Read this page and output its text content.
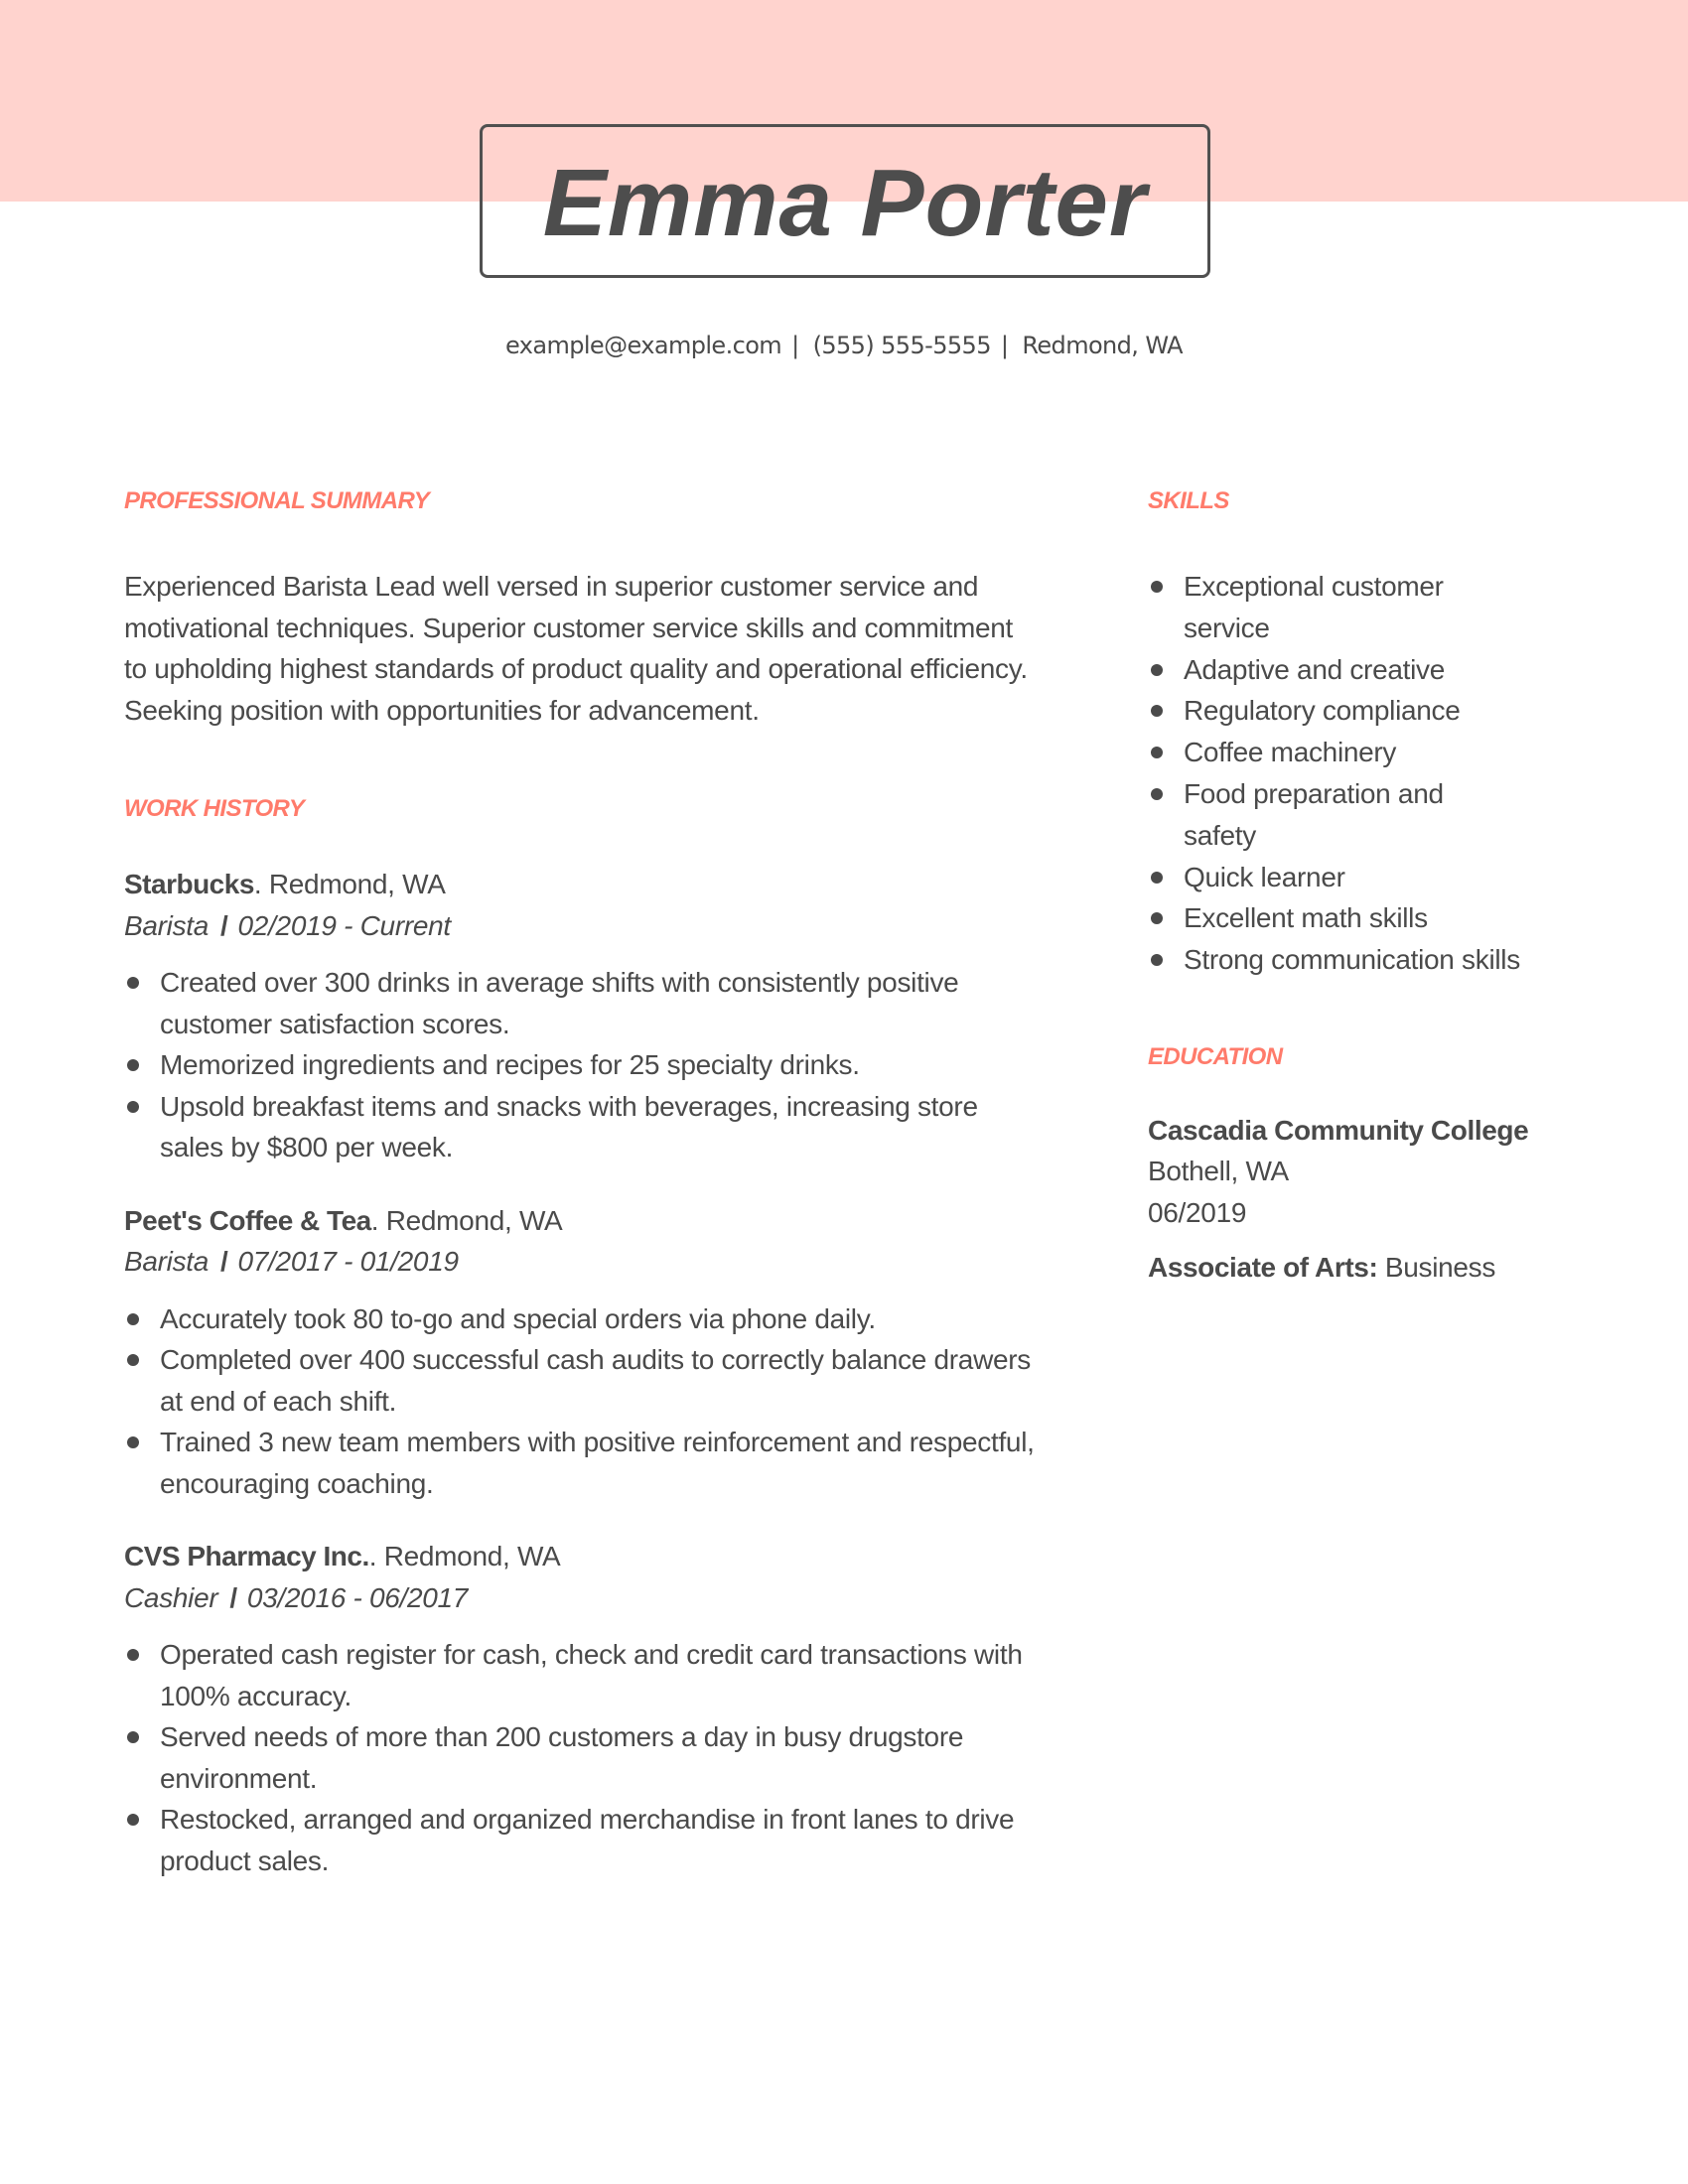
Emma Porter
example@example.com | (555) 555-5555 | Redmond, WA
PROFESSIONAL SUMMARY

Experienced Barista Lead well versed in superior customer service and motivational techniques. Superior customer service skills and commitment to upholding highest standards of product quality and operational efficiency. Seeking position with opportunities for advancement.

WORK HISTORY
Starbucks. Redmond, WA
Barista / 02/2019 - Current
Created over 300 drinks in average shifts with consistently positive customer satisfaction scores.
Memorized ingredients and recipes for 25 specialty drinks.
Upsold breakfast items and snacks with beverages, increasing store sales by $800 per week.
Peet's Coffee & Tea. Redmond, WA
Barista / 07/2017 - 01/2019
Accurately took 80 to-go and special orders via phone daily.
Completed over 400 successful cash audits to correctly balance drawers at end of each shift.
Trained 3 new team members with positive reinforcement and respectful, encouraging coaching.
CVS Pharmacy Inc.. Redmond, WA
Cashier / 03/2016 - 06/2017
Operated cash register for cash, check and credit card transactions with 100% accuracy.
Served needs of more than 200 customers a day in busy drugstore environment.
Restocked, arranged and organized merchandise in front lanes to drive product sales.
SKILLS
Exceptional customer service
Adaptive and creative
Regulatory compliance
Coffee machinery
Food preparation and safety
Quick learner
Excellent math skills
Strong communication skills
EDUCATION
Cascadia Community College
Bothell, WA
06/2019
Associate of Arts: Business
